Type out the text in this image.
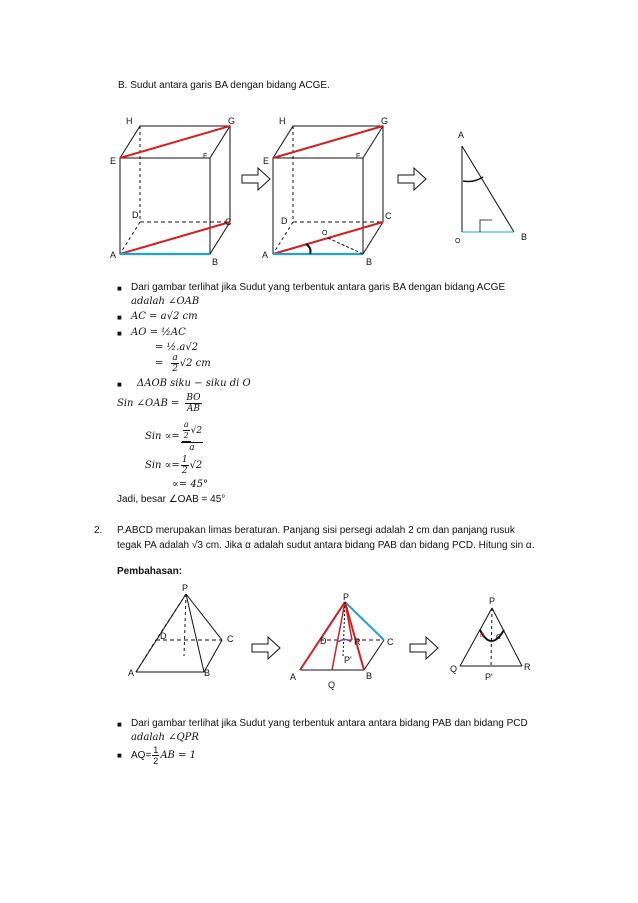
B. Sudut antara garis BA dengan bidang ACGE.
H	G
E	F
D
C
A
B
H	G
E	F
D	C
O
A
B
A
O	B
■ Dari gambar terlihat jika Sudut yang terbentuk antara garis BA dengan bidang ACGE
adalah ∠OAB
■ AC = a√2 cm
■ AO = ½AC
= ½.a√2
= $\frac{a}{2} √2$ cm
■ ΔAOB siku − siku di O
Sin ∠OAB = $\frac{BO}{AB}$
Sin ∝= $\frac{\frac{a}{2} √2}{a}$
Sin ∝= $\frac{1}{2} √2$
∝= 45°
Jadi, besar ∠OAB = 45°
2. P.ABCD merupakan limas beraturan. Panjang sisi persegi adalah 2 cm dan panjang rusuk
tegak PA adalah √3 cm. Jika α adalah sudut antara bidang PAB dan bidang PCD. Hitung sin α.
Pembahasan:
P
D	C
A	B
P
D	R	C
P'
A	B
Q
P
α α
Q	R
P'
■ Dari gambar terlihat jika Sudut yang terbentuk antara antara bidang PAB dan bidang PCD
adalah ∠QPR
■ $AQ= \frac{1}{2}$ AB = 1
